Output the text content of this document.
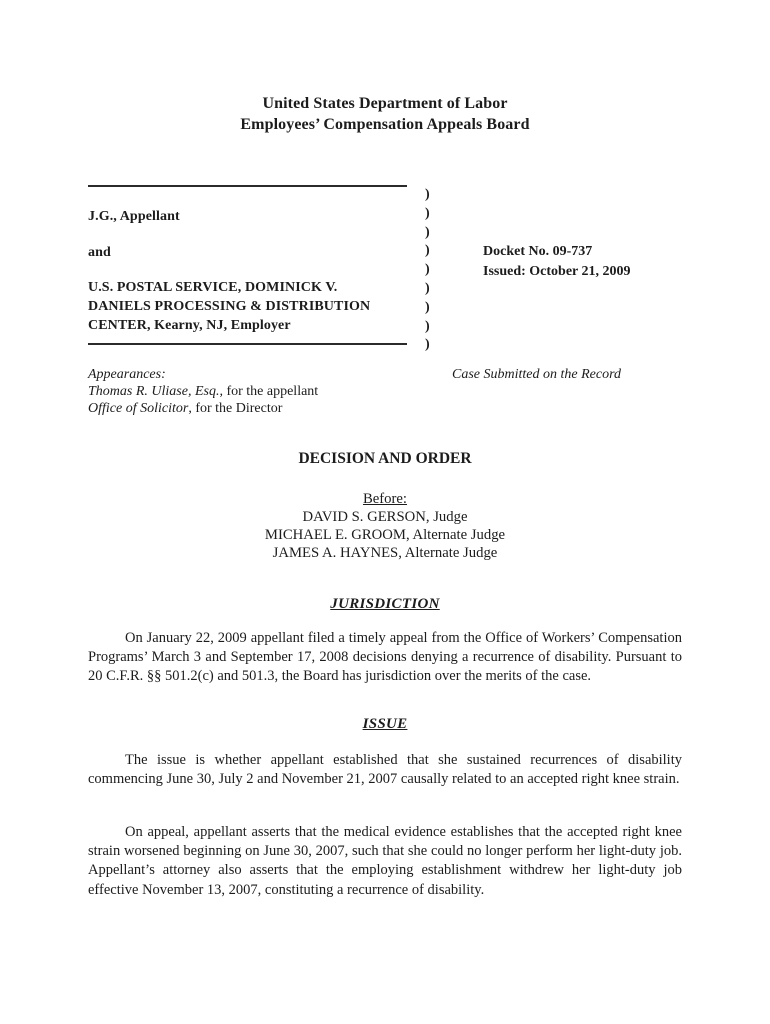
United States Department of Labor
Employees’ Compensation Appeals Board
J.G., Appellant
and
U.S. POSTAL SERVICE, DOMINICK V.
DANIELS PROCESSING & DISTRIBUTION
CENTER, Kearny, NJ, Employer
)
)
)
)
)
)
)
)
)
Docket No. 09-737
Issued: October 21, 2009
Appearances:
Thomas R. Uliase, Esq., for the appellant
Office of Solicitor, for the Director
Case Submitted on the Record
DECISION AND ORDER
Before:
DAVID S. GERSON, Judge
MICHAEL E. GROOM, Alternate Judge
JAMES A. HAYNES, Alternate Judge
JURISDICTION

On January 22, 2009 appellant filed a timely appeal from the Office of Workers’ Compensation Programs’ March 3 and September 17, 2008 decisions denying a recurrence of disability. Pursuant to 20 C.F.R. §§ 501.2(c) and 501.3, the Board has jurisdiction over the merits of the case.

ISSUE

The issue is whether appellant established that she sustained recurrences of disability commencing June 30, July 2 and November 21, 2007 causally related to an accepted right knee strain.

On appeal, appellant asserts that the medical evidence establishes that the accepted right knee strain worsened beginning on June 30, 2007, such that she could no longer perform her light-duty job. Appellant’s attorney also asserts that the employing establishment withdrew her light-duty job effective November 13, 2007, constituting a recurrence of disability.
